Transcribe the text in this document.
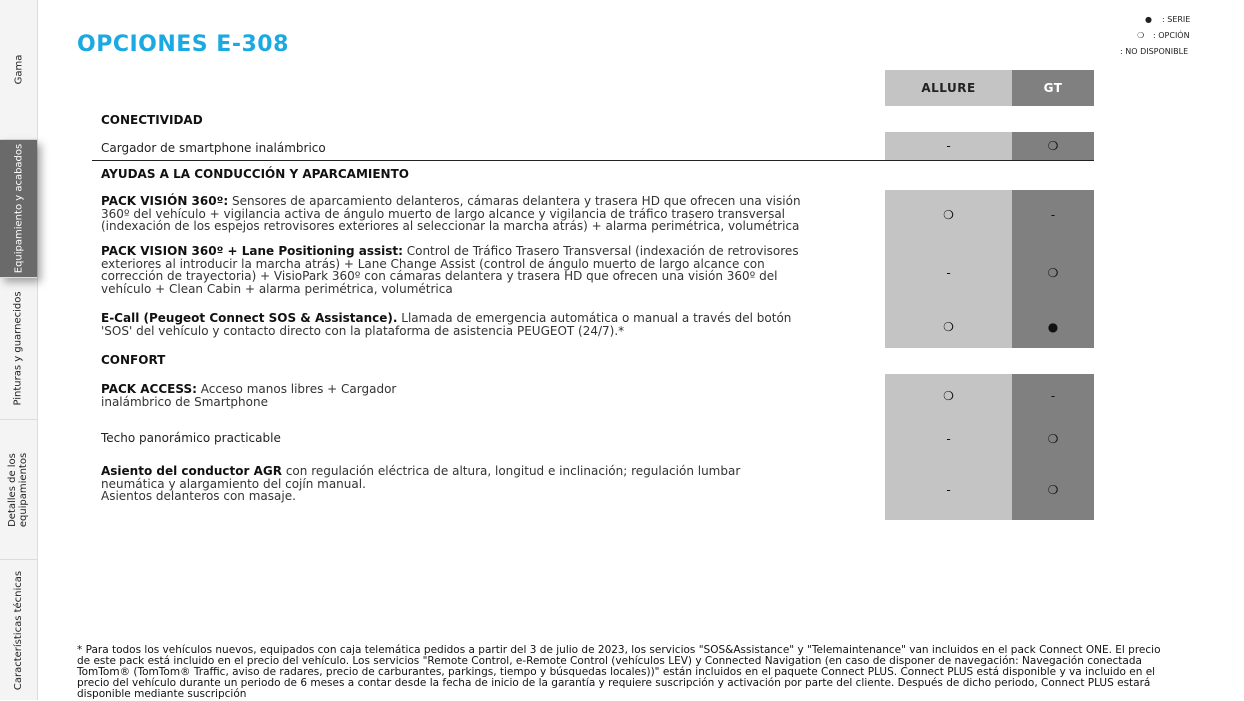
Gama
Equipamiento y acabados
Pinturas y guarnecidos
Detalles de los equipamientos
Características técnicas
OPCIONES E-308
● : SERIE
❍ : OPCIÓN
: NO DISPONIBLE
ALLURE	GT
CONECTIVIDAD
Cargador de smartphone inalámbrico	-	❍
AYUDAS A LA CONDUCCIÓN Y APARCAMIENTO
PACK VISIÓN 360º: Sensores de aparcamiento delanteros, cámaras delantera y trasera HD que ofrecen una visión 360º del vehículo + vigilancia activa de ángulo muerto de largo alcance y vigilancia de tráfico trasero transversal (indexación de los espejos retrovisores exteriores al seleccionar la marcha atrás) + alarma perimétrica, volumétrica
❍	-
PACK VISION 360º + Lane Positioning assist: Control de Tráfico Trasero Transversal (indexación de retrovisores exteriores al introducir la marcha atrás) + Lane Change Assist (control de ángulo muerto de largo alcance con corrección de trayectoria) + VisioPark 360º con cámaras delantera y trasera HD que ofrecen una visión 360º del vehículo + Clean Cabin + alarma perimétrica, volumétrica
-	❍
E-Call (Peugeot Connect SOS & Assistance). Llamada de emergencia automática o manual a través del botón 'SOS' del vehículo y contacto directo con la plataforma de asistencia PEUGEOT (24/7).*	❍	●
CONFORT
PACK ACCESS: Acceso manos libres + Cargador inalámbrico de Smartphone	❍	-
Techo panorámico practicable	-	❍
Asiento del conductor AGR con regulación eléctrica de altura, longitud e inclinación; regulación lumbar neumática y alargamiento del cojín manual.
Asientos delanteros con masaje.	-	❍

* Para todos los vehículos nuevos, equipados con caja telemática pedidos a partir del 3 de julio de 2023, los servicios "SOS&Assistance" y "Telemaintenance" van incluidos en el pack Connect ONE. El precio de este pack está incluido en el precio del vehículo. Los servicios "Remote Control, e-Remote Control (vehículos LEV) y Connected Navigation (en caso de disponer de navegación: Navegación conectada TomTom® (TomTom® Traffic, aviso de radares, precio de carburantes, parkings, tiempo y búsquedas locales))" están incluidos en el paquete Connect PLUS. Connect PLUS está disponible y va incluido en el precio del vehículo durante un periodo de 6 meses a contar desde la fecha de inicio de la garantía y requiere suscripción y activación por parte del cliente. Después de dicho periodo, Connect PLUS estará disponible mediante suscripción
